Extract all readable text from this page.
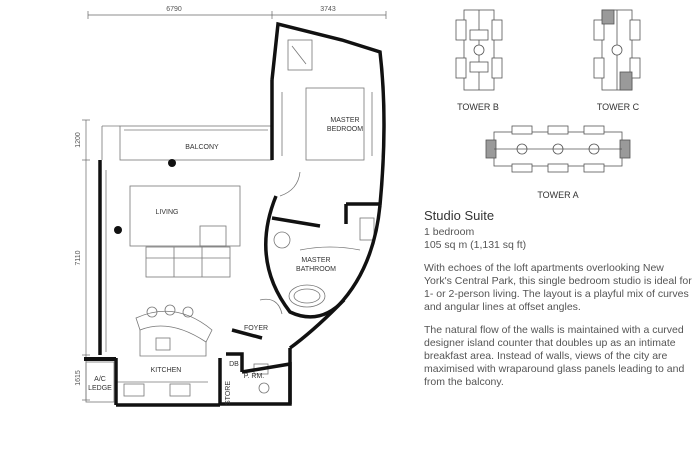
6790	3743
1200
7110
1615
BALCONY
LIVING
MASTER
BEDROOM
MASTER
BATHROOM
FOYER
KITCHEN
DB
STORE
P. RM.
A/C
LEDGE
TOWER B	TOWER C
TOWER A
Studio Suite
1 bedroom
105 sq m (1,131 sq ft)
With echoes of the loft apartments overlooking New York's Central Park, this single bedroom studio is ideal for 1- or 2-person living. The layout is a playful mix of curves and angular lines at offset angles.
The natural flow of the walls is maintained with a curved designer island counter that doubles up as an intimate breakfast area. Instead of walls, views of the city are maximised with wraparound glass panels leading to and from the balcony.
